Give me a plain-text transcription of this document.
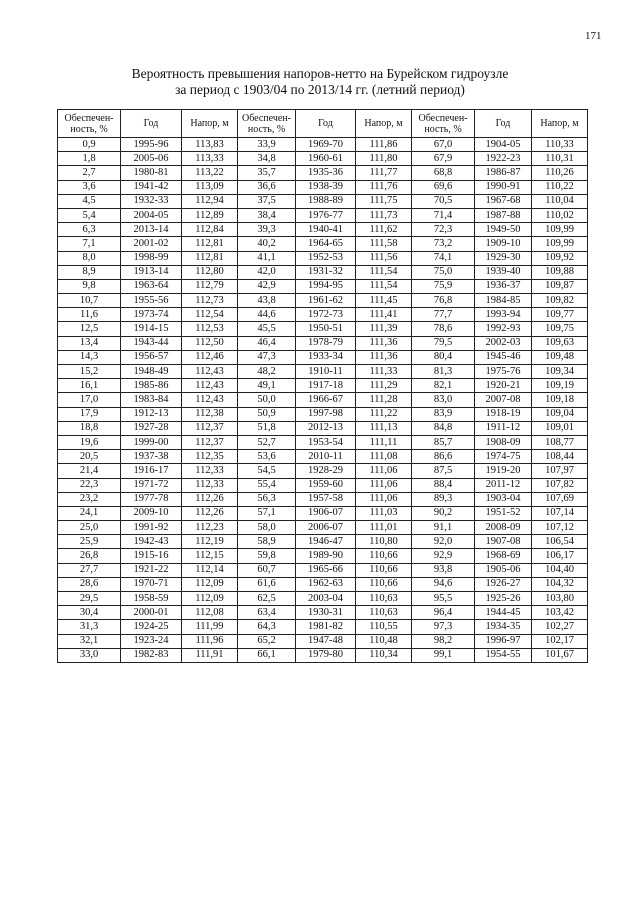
171
Вероятность превышения напоров-нетто на Бурейском гидроузле
за период с 1903/04 по 2013/14 гг. (летний период)
Обеспечен-ность, %	Год	Напор, м	Обеспечен-ность, %	Год	Напор, м	Обеспечен-ность, %	Год	Напор, м
0,9	1995-96	113,83	33,9	1969-70	111,86	67,0	1904-05	110,33
1,8	2005-06	113,33	34,8	1960-61	111,80	67,9	1922-23	110,31
2,7	1980-81	113,22	35,7	1935-36	111,77	68,8	1986-87	110,26
3,6	1941-42	113,09	36,6	1938-39	111,76	69,6	1990-91	110,22
4,5	1932-33	112,94	37,5	1988-89	111,75	70,5	1967-68	110,04
5,4	2004-05	112,89	38,4	1976-77	111,73	71,4	1987-88	110,02
6,3	2013-14	112,84	39,3	1940-41	111,62	72,3	1949-50	109,99
7,1	2001-02	112,81	40,2	1964-65	111,58	73,2	1909-10	109,99
8,0	1998-99	112,81	41,1	1952-53	111,56	74,1	1929-30	109,92
8,9	1913-14	112,80	42,0	1931-32	111,54	75,0	1939-40	109,88
9,8	1963-64	112,79	42,9	1994-95	111,54	75,9	1936-37	109,87
10,7	1955-56	112,73	43,8	1961-62	111,45	76,8	1984-85	109,82
11,6	1973-74	112,54	44,6	1972-73	111,41	77,7	1993-94	109,77
12,5	1914-15	112,53	45,5	1950-51	111,39	78,6	1992-93	109,75
13,4	1943-44	112,50	46,4	1978-79	111,36	79,5	2002-03	109,63
14,3	1956-57	112,46	47,3	1933-34	111,36	80,4	1945-46	109,48
15,2	1948-49	112,43	48,2	1910-11	111,33	81,3	1975-76	109,34
16,1	1985-86	112,43	49,1	1917-18	111,29	82,1	1920-21	109,19
17,0	1983-84	112,43	50,0	1966-67	111,28	83,0	2007-08	109,18
17,9	1912-13	112,38	50,9	1997-98	111,22	83,9	1918-19	109,04
18,8	1927-28	112,37	51,8	2012-13	111,13	84,8	1911-12	109,01
19,6	1999-00	112,37	52,7	1953-54	111,11	85,7	1908-09	108,77
20,5	1937-38	112,35	53,6	2010-11	111,08	86,6	1974-75	108,44
21,4	1916-17	112,33	54,5	1928-29	111,06	87,5	1919-20	107,97
22,3	1971-72	112,33	55,4	1959-60	111,06	88,4	2011-12	107,82
23,2	1977-78	112,26	56,3	1957-58	111,06	89,3	1903-04	107,69
24,1	2009-10	112,26	57,1	1906-07	111,03	90,2	1951-52	107,14
25,0	1991-92	112,23	58,0	2006-07	111,01	91,1	2008-09	107,12
25,9	1942-43	112,19	58,9	1946-47	110,80	92,0	1907-08	106,54
26,8	1915-16	112,15	59,8	1989-90	110,66	92,9	1968-69	106,17
27,7	1921-22	112,14	60,7	1965-66	110,66	93,8	1905-06	104,40
28,6	1970-71	112,09	61,6	1962-63	110,66	94,6	1926-27	104,32
29,5	1958-59	112,09	62,5	2003-04	110,63	95,5	1925-26	103,80
30,4	2000-01	112,08	63,4	1930-31	110,63	96,4	1944-45	103,42
31,3	1924-25	111,99	64,3	1981-82	110,55	97,3	1934-35	102,27
32,1	1923-24	111,96	65,2	1947-48	110,48	98,2	1996-97	102,17
33,0	1982-83	111,91	66,1	1979-80	110,34	99,1	1954-55	101,67
